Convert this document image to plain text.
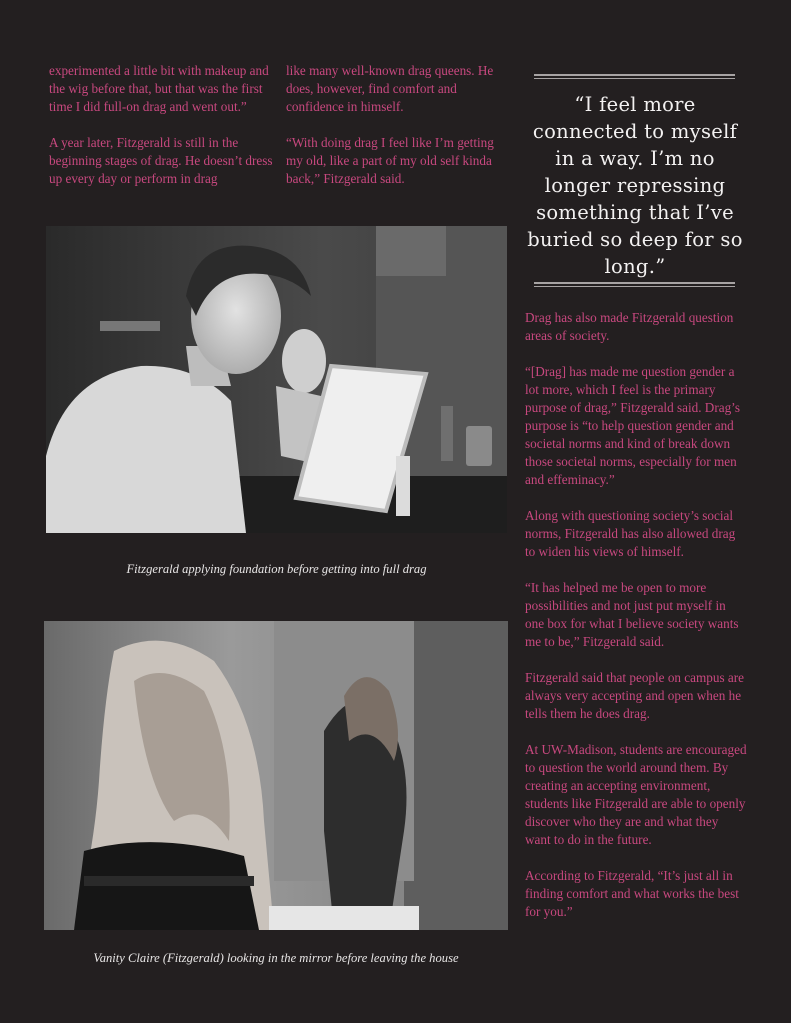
experimented a little bit with makeup and the wig before that, but that was the first time I did full-on drag and went out.”

A year later, Fitzgerald is still in the beginning stages of drag. He doesn’t dress up every day or perform in drag

like many well-known drag queens. He does, however, find comfort and confidence in himself.

“With doing drag I feel like I’m getting my old, like a part of my old self kinda back,” Fitzgerald said.

“I feel more connected to myself in a way. I’m no longer repressing something that I’ve buried so deep for so long.”

Drag has also made Fitzgerald question areas of society.

“[Drag] has made me question gender a lot more, which I feel is the primary purpose of drag,” Fitzgerald said. Drag’s purpose is “to help question gender and societal norms and kind of break down those societal norms, especially for men and effeminacy.”

Along with questioning society’s social norms, Fitzgerald has also allowed drag to widen his views of himself.

“It has helped me be open to more possibilities and not just put myself in one box for what I believe society wants me to be,” Fitzgerald said.

Fitzgerald said that people on campus are always very accepting and open when he tells them he does drag.

At UW-Madison, students are encouraged to question the world around them. By creating an accepting environment, students like Fitzgerald are able to openly discover who they are and what they want to do in the future.

According to Fitzgerald, “It’s just all in finding comfort and what works the best for you.”

Fitzgerald applying foundation before getting into full drag
Vanity Claire (Fitzgerald) looking in the mirror before leaving the house
